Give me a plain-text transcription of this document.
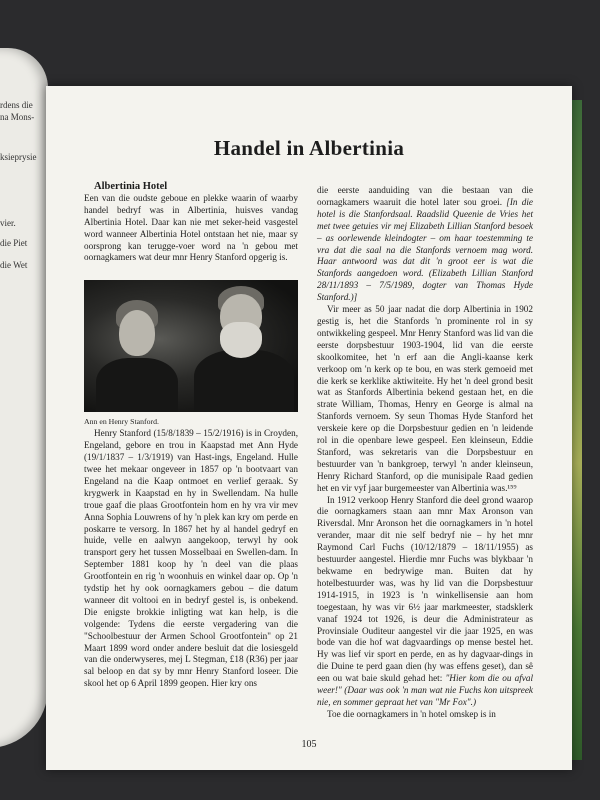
rdens die
na Mons-
ksieprysie
vier.
die Piet
die Wet
Handel in Albertinia

Albertinia Hotel

Een van die oudste geboue en plekke waarin of waarby handel bedryf was in Albertinia, huisves vandag Albertinia Hotel. Daar kan nie met seker-heid vasgestel word wanneer Albertinia Hotel ontstaan het nie, maar sy oorsprong kan terugge-voer word na 'n gebou met oornagkamers wat deur mnr Henry Stanford opgerig is.

Ann en Henry Stanford.

Henry Stanford (15/8/1839 – 15/2/1916) is in Croyden, Engeland, gebore en trou in Kaapstad met Ann Hyde (19/1/1837 – 1/3/1919) van Hast-ings, Engeland. Hulle twee het mekaar ongeveer in 1857 op 'n bootvaart van Engeland na die Kaap ontmoet en verlief geraak. Sy krygwerk in Kaapstad en hy in Swellendam. Na hulle troue gaaf die plaas Grootfontein hom en hy vra vir mev Anna Sophia Louwrens of hy 'n plek kan kry om perde en poskarre te versorg. In 1867 het hy al handel gedryf en huide, velle en aalwyn aangekoop, terwyl hy ook transport gery het tussen Mosselbaai en Swellen-dam. In September 1881 koop hy 'n deel van die plaas Grootfontein en rig 'n woonhuis en winkel daar op. Op 'n tydstip het hy ook oornagkamers gebou – die datum wanneer dit voltooi en in bedryf gestel is, is onbekend. Die enigste brokkie inligting wat kan help, is die volgende: Tydens die eerste vergadering van die "Schoolbestuur der Armen School Grootfontein" op 21 Maart 1899 word onder andere besluit dat die losiesgeld van die onderwyseres, mej L Stegman, £18 (R36) per jaar sal beloop en dat sy by mnr Henry Stanford loseer. Die skool het op 6 April 1899 geopen. Hier kry ons

die eerste aanduiding van die bestaan van die oornagkamers waaruit die hotel later sou groei. [In die hotel is die Stanfordsaal. Raadslid Queenie de Vries het met twee getuies vir mej Elizabeth Lillian Stanford besoek – as oorlewende kleindogter – om haar toestemming te vra dat die saal na die Stanfords vernoem mag word. Haar antwoord was dat dit 'n groot eer is wat die Stanfords aangedoen word. (Elizabeth Lillian Stanford 28/11/1893 – 7/5/1989, dogter van Thomas Hyde Stanford.)]

Vir meer as 50 jaar nadat die dorp Albertinia in 1902 gestig is, het die Stanfords 'n prominente rol in sy ontwikkeling gespeel. Mnr Henry Stanford was lid van die eerste dorpsbestuur 1903-1904, lid van die eerste skoolkomitee, het 'n erf aan die Angli-kaanse kerk verkoop om 'n kerk op te bou, en was sterk gemoeid met die kerk se kerklike aktiwiteite. Hy het 'n deel grond besit wat as Stanfords Albertinia bekend gestaan het, en die strate William, Thomas, Henry en George is almal na Stanfords vernoem. Sy seun Thomas Hyde Stanford het verskeie kere op die Dorpsbestuur gedien en 'n leidende rol in die openbare lewe gespeel. Een kleinseun, Eddie Stanford, was sekretaris van die Dorpsbestuur en bestuurder van 'n bankgroep, terwyl 'n ander kleinseun, Henry Richard Stanford, op die munisipale Raad gedien het en vir vyf jaar burgemeester van Albertinia was.¹⁵⁹

In 1912 verkoop Henry Stanford die deel grond waarop die oornagkamers staan aan mnr Max Aronson van Riversdal. Mnr Aronson het die oornagkamers in 'n hotel verander, maar dit nie self bedryf nie – hy het mnr Raymond Carl Fuchs (10/12/1879 – 18/11/1955) as bestuurder aangestel. Hierdie mnr Fuchs was blykbaar 'n bekwame en bedrywige man. Buiten dat hy hotelbestuurder was, was hy lid van die Dorpsbestuur 1914-1915, in 1923 is 'n winkellisensie aan hom toegestaan, hy was vir 6½ jaar markmeester, stadsklerk vanaf 1924 tot 1926, is deur die Administrateur as Provinsiale Ouditeur aangestel vir die jaar 1925, en was bode van die hof wat dagvaardings op mense bestel het. Hy was lief vir sport en perde, en as hy dagvaar-dings in die Duine te perd gaan dien (hy was effens geset), dan sê een ou wat baie skuld gehad het: "Hier kom die ou afval weer!" (Daar was ook 'n man wat nie Fuchs kon uitspreek nie, en sommer gepraat het van "Mr Fox".)

Toe die oornagkamers in 'n hotel omskep is in

105
